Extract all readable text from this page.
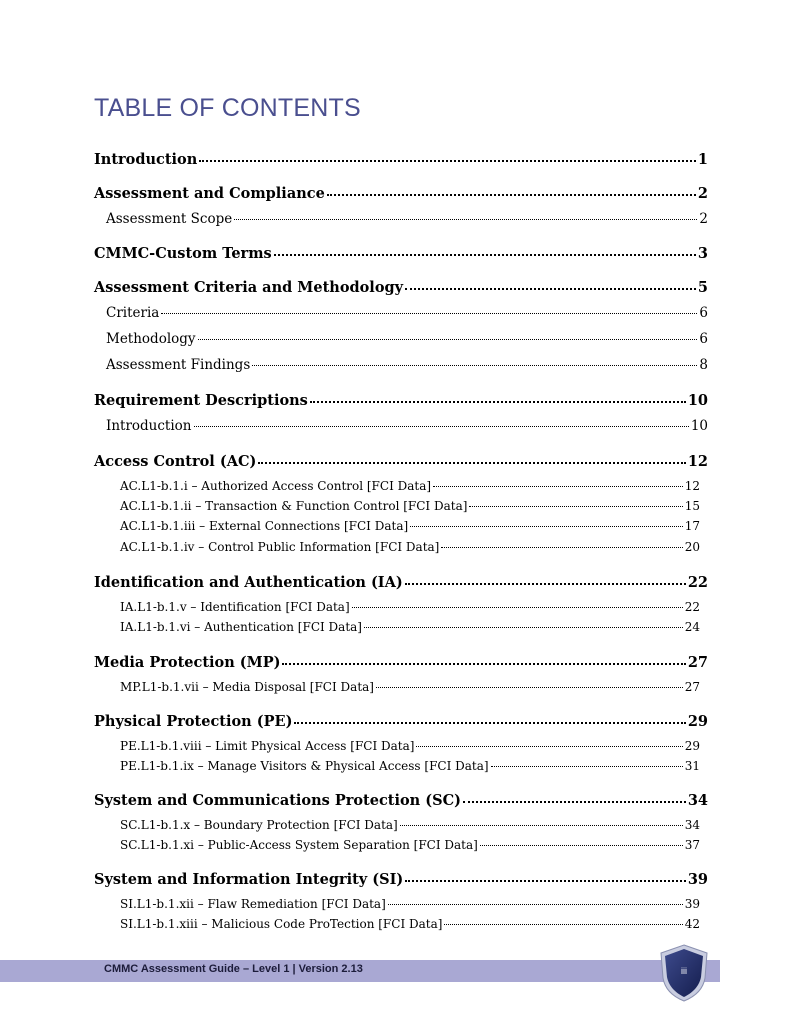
TABLE OF CONTENTS
Introduction	1
Assessment and Compliance	2
Assessment Scope	2
CMMC-Custom Terms	3
Assessment Criteria and Methodology	5
Criteria	6
Methodology	6
Assessment Findings	8
Requirement Descriptions	10
Introduction	10
Access Control (AC)	12
AC.L1-b.1.i – Authorized Access Control [FCI Data]	12
AC.L1-b.1.ii – Transaction & Function Control [FCI Data]	15
AC.L1-b.1.iii – External Connections [FCI Data]	17
AC.L1-b.1.iv – Control Public Information [FCI Data]	20
Identification and Authentication (IA)	22
IA.L1-b.1.v – Identification [FCI Data]	22
IA.L1-b.1.vi – Authentication [FCI Data]	24
Media Protection (MP)	27
MP.L1-b.1.vii – Media Disposal [FCI Data]	27
Physical Protection (PE)	29
PE.L1-b.1.viii – Limit Physical Access [FCI Data]	29
PE.L1-b.1.ix – Manage Visitors & Physical Access [FCI Data]	31
System and Communications Protection (SC)	34
SC.L1-b.1.x – Boundary Protection [FCI Data]	34
SC.L1-b.1.xi – Public-Access System Separation [FCI Data]	37
System and Information Integrity (SI)	39
SI.L1-b.1.xii – Flaw Remediation [FCI Data]	39
SI.L1-b.1.xiii – Malicious Code ProTection [FCI Data]	42
CMMC Assessment Guide – Level 1 | Version 2.13	iii
